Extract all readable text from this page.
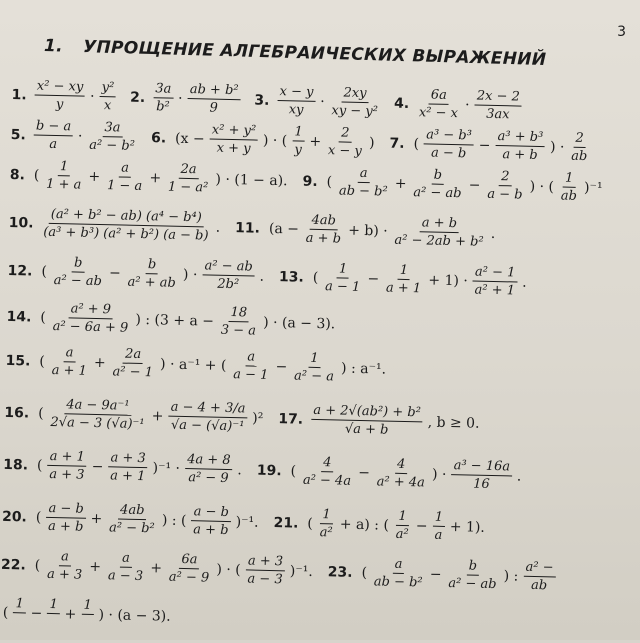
3
1. УПРОЩЕНИЕ АЛГЕБРАИЧЕСКИХ ВЫРАЖЕНИЙ
1. $\frac{\text{x² − xy}}{y} \cdot \frac{\text{y²}}{x} 2$. $\frac{3a}{\text{b²}} \cdot \frac{\text{ab + b²}}{9} 3$. $\frac{x - y}{xy} \cdot \frac{2xy}{\text{xy − y²}} 4$. $\frac{6a}{\text{x² − x}} \cdot \frac{2x - 2}{3ax}$
5. $\frac{b - a}{a} \cdot \frac{3a}{\text{a² − b²}} 6$. ($x - \frac{\text{x² + y²}}{x + y}$ ) · ( $\frac{1}{y} + \frac{2}{x - y}$ ) 7. ( $\frac{\text{a³ − b³}}{a - b} - \frac{\text{a³ + b³}}{a + b}$ ) · $\frac{2}{ab}$
8. ( $\frac{1}{1 + a} + \frac{a}{1 - a} + \frac{2a}{\text{1 − a²}}$ ) · (1 − a). 9. ( $\frac{a}{\text{ab − b²}} + \frac{b}{\text{a² − ab}} - \frac{2}{a - b}$ ) · ( $\frac{1}{ab} )^{-1}$
10. $\frac{\text{(a² + b² − ab) (a⁴ − b⁴)}}{\text{(a³ + b³) (a² + b²) (a − b)}}$ . 11. $(a - \frac{4ab}{a + b} + b) \cdot \frac{a + b}{\text{a² − 2ab + b²}}$ .
12. ( $\frac{b}{\text{a² − ab}} - \frac{b}{\text{a² + ab}}$ ) · $\frac{\text{a² − ab}}{\text{2b²}}$ . 13. ( $\frac{1}{a - 1} - \frac{1}{a + 1} + 1) \cdot \frac{\text{a² − 1}}{\text{a² + 1}}$ .
14. ( $\frac{\text{a² + 9}}{\text{a² − 6a + 9}}$ ) : ($3 + a - \frac{18}{3 - a}$ ) · (a − 3).
15. ( $\frac{a}{a + 1} + \frac{2a}{\text{a² − 1}}$ ) · a⁻¹ + ( $\frac{a}{a - 1} - \frac{1}{\text{a² − a}}$ ) : a⁻¹.
16. ( $\frac{\text{4a − 9a⁻¹}}{\text{2√a − 3 (√a)⁻¹}} + \frac{a - 4 + 3/a}{\text{√a − (√a)⁻¹}} )^2$ 17. $\frac{\text{a + 2√(ab²) + b²}}{√a + b}$ , b ≥ 0.
18. ( $\frac{a + 1}{a + 3} - \frac{a + 3}{a + 1} )^{-1} \cdot \frac{4a + 8}{\text{a² − 9}}$ . 19. ( $\frac{4}{\text{a² − 4a}} - \frac{4}{\text{a² + 4a}}$ ) · $\frac{\text{a³ − 16a}}{16}$ .
20. ( $\frac{a - b}{a + b} + \frac{4ab}{\text{a² − b²}}$ ) : ( $\frac{a - b}{a + b} )^{-1}$. 21. ( $\frac{1}{\text{a²}} + a$) : ( $\frac{1}{\text{a²}} - \frac{1}{a} + 1$).
22. ( $\frac{a}{a + 3} + \frac{a}{a - 3} + \frac{6a}{\text{a² − 9}}$ ) · ( $\frac{a + 3}{a - 3} )^{-1}$. 23. ( $\frac{a}{\text{ab − b²}} - \frac{b}{\text{a² − ab}}$ ) : $\frac{\text{a² −}}{ab}$
(
1

−
1

+
1

) · (a − 3).
